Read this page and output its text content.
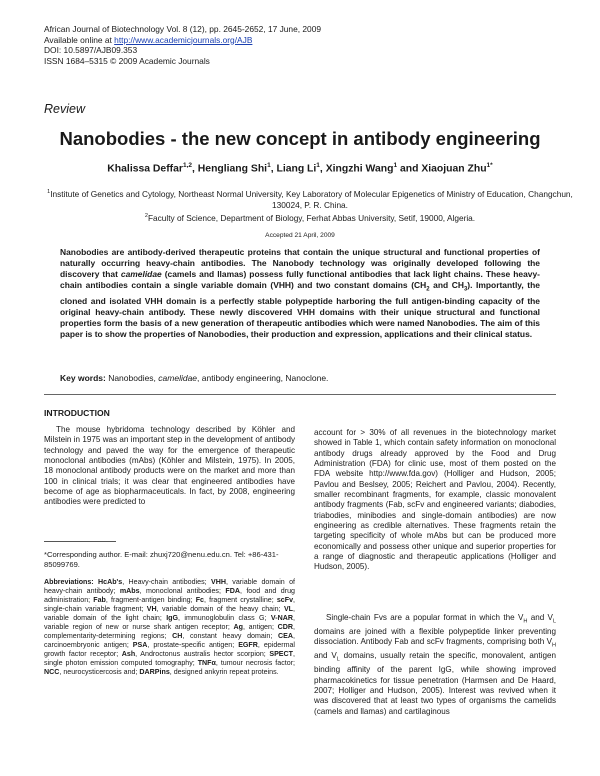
African Journal of Biotechnology Vol. 8 (12), pp. 2645-2652, 17 June, 2009
Available online at http://www.academicjournals.org/AJB
DOI: 10.5897/AJB09.353
ISSN 1684–5315 © 2009 Academic Journals
Review
Nanobodies - the new concept in antibody engineering
Khalissa Deffar$^{1,2}$, Hengliang Shi$^1$, Liang Li$^1$, Xingzhi Wang$^1$ and Xiaojuan Zhu$^{1*}$
$^1$Institute of Genetics and Cytology, Northeast Normal University, Key Laboratory of Molecular Epigenetics of Ministry of Education, Changchun, 130024, P. R. China.
$^2$Faculty of Science, Department of Biology, Ferhat Abbas University, Setif, 19000, Algeria.
Accepted 21 April, 2009
Nanobodies are antibody-derived therapeutic proteins that contain the unique structural and functional properties of naturally occurring heavy-chain antibodies. The Nanobody technology was originally developed following the discovery that camelidae (camels and llamas) possess fully functional antibodies that lack light chains. These heavy-chain antibodies contain a single variable domain (VHH) and two constant domains ($CH_2$ and $CH_3$). Importantly, the cloned and isolated VHH domain is a perfectly stable polypeptide harboring the full antigen-binding capacity of the original heavy-chain antibody. These newly discovered VHH domains with their unique structural and functional properties form the basis of a new generation of therapeutic antibodies which were named Nanobodies. The aim of this paper is to show the properties of Nanobodies, their production and expression, applications and their clinical status.
Key words: Nanobodies, camelidae, antibody engineering, Nanoclone.
INTRODUCTION
The mouse hybridoma technology described by Köhler and Milstein in 1975 was an important step in the development of antibody technology and paved the way for the emergence of therapeutic monoclonal antibodies (mAbs) (Köhler and Milstein, 1975). In 2005, 18 monoclonal antibody products were on the market and more than 100 in clinical trials; it was clear that engineered antibodies have become of age as biopharmaceuticals. In fact, by 2008, engineering antibodies were predicted to
*Corresponding author. E-mail: zhuxj720@nenu.edu.cn. Tel: +86-431-85099769.
Abbreviations: HcAb's, Heavy-chain antibodies; VHH, variable domain of heavy-chain antibody; mAbs, monoclonal antibodies; FDA, food and drug administration; Fab, fragment-antigen binding; Fc, fragment crystalline; scFv, single-chain variable fragment; VH, variable domain of the heavy chain; VL, variable domain of the light chain; IgG, immunoglobulin class G; V-NAR, variable region of new or nurse shark antigen receptor; Ag, antigen; CDR, complementarity-determining regions; CH, constant heavy domain; CEA, carcinoembryonic antigen; PSA, prostate-specific antigen; EGFR, epidermal growth factor receptor; Ash, Androctonus australis hector scorpion; SPECT, single photon emission computed tomography; TNFα, tumour necrosis factor; NCC, neurocysticercosis and; DARPins, designed ankyrin repeat proteins.
account for > 30% of all revenues in the biotechnology market showed in Table 1, which contain safety information on monoclonal antibody drugs already approved by the Food and Drug Administration (FDA) for clinic use, most of them posted on the FDA website http://www.fda.gov) (Holliger and Hudson, 2005; Pavlou and Beslsey, 2005; Reichert and Pavlou, 2004). Recently, smaller recombinant fragments, for example, classic monovalent antibody fragments (Fab, scFv and engineered variants; diabodies, triabodies, minibodies and single-domain antibodies) are now engineering as credible alternatives. These fragments retain the targeting specificity of whole mAbs but can be produced more economically and possess other unique and superior properties for a range of diagnostic and therapeutic applications (Holliger and Hudson, 2005).
Single-chain Fvs are a popular format in which the $V_H$ and $V_L$ domains are joined with a flexible polypeptide linker preventing dissociation. Antibody Fab and scFv fragments, comprising both $V_H$ and $V_L$ domains, usually retain the specific, monovalent, antigen binding affinity of the parent IgG, while showing improved pharmacokinetics for tissue penetration (Harmsen and De Haard, 2007; Holliger and Hudson, 2005). Interest was revived when it was discovered that at least two types of organisms the camelids (camels and llamas) and cartilaginous
